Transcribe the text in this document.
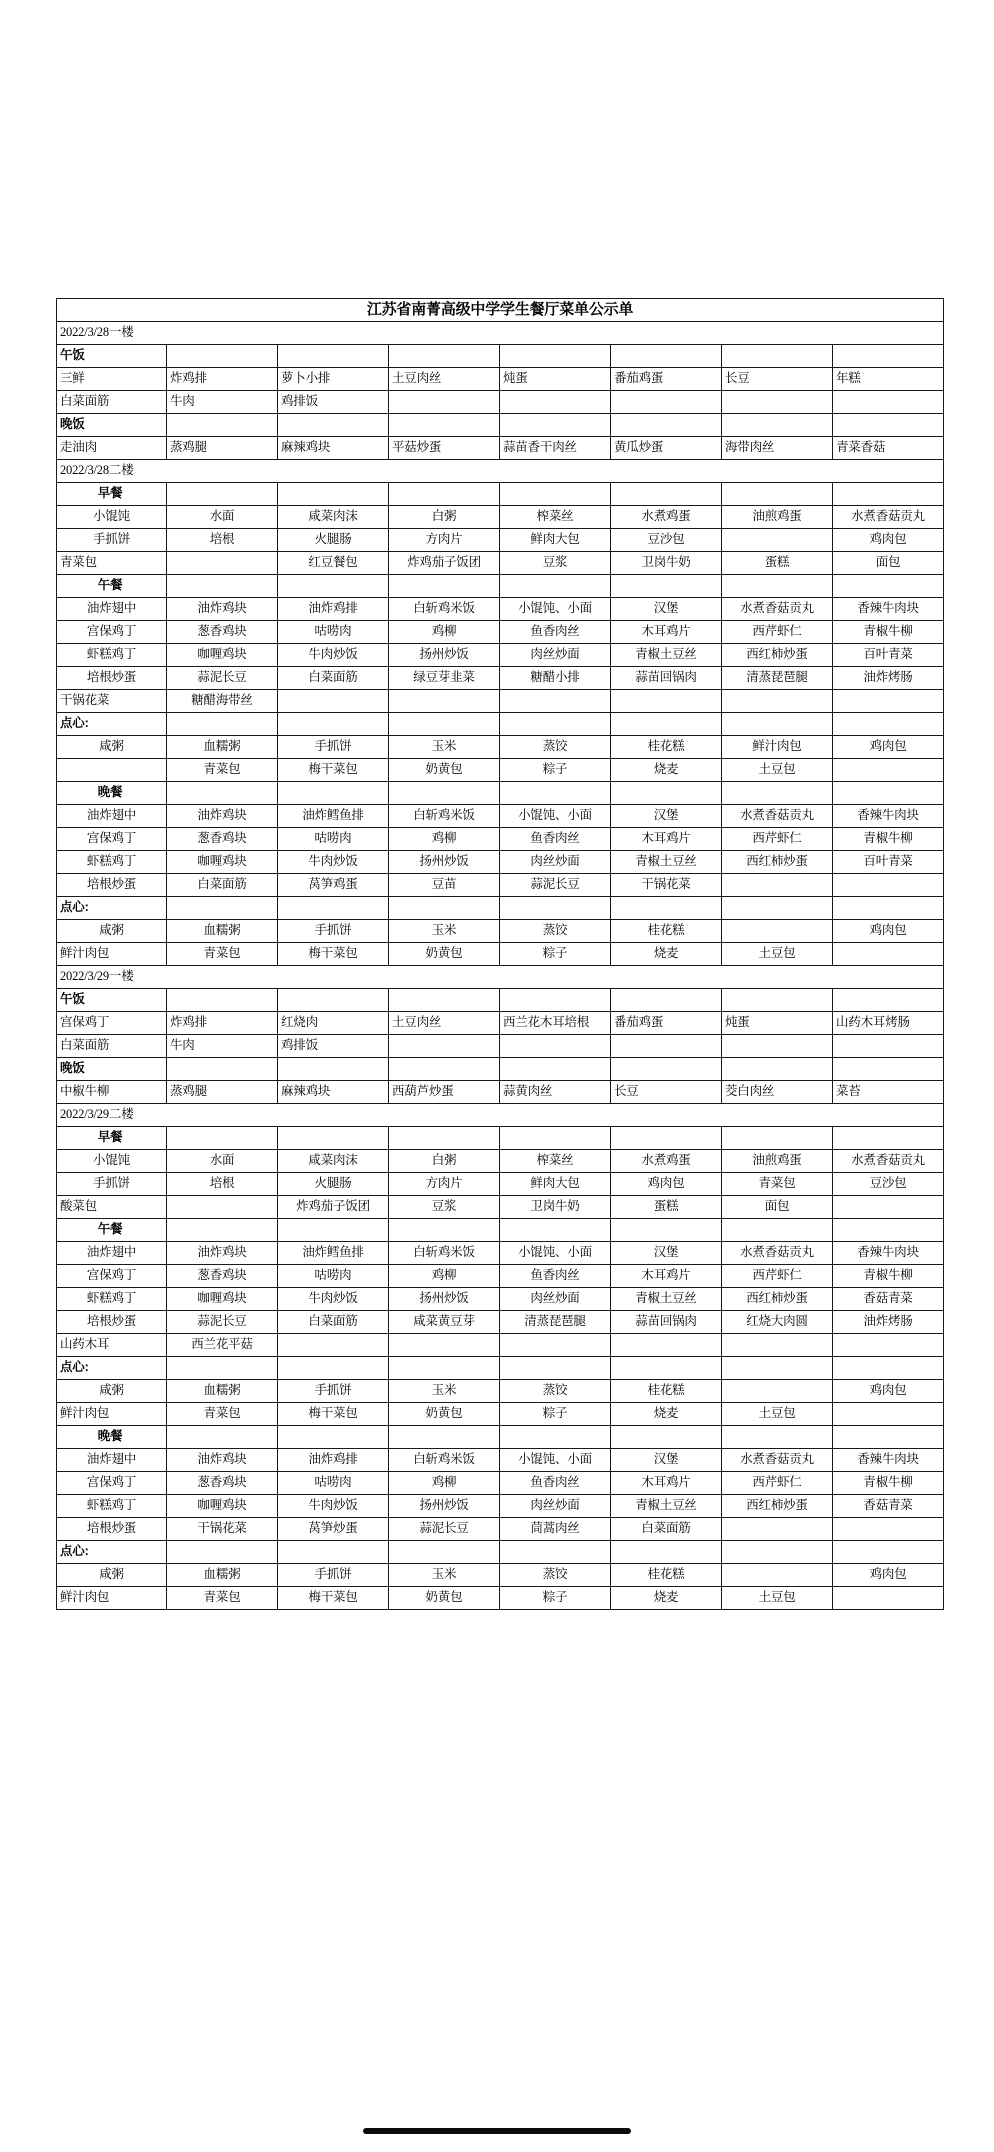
江苏省南菁高级中学学生餐厅菜单公示单							
2022/3/28一楼							
午饭							
三鲜	炸鸡排	萝卜小排	土豆肉丝	炖蛋	番茄鸡蛋	长豆	年糕
白菜面筋	牛肉	鸡排饭					
晚饭							
走油肉	蒸鸡腿	麻辣鸡块	平菇炒蛋	蒜苗香干肉丝	黄瓜炒蛋	海带肉丝	青菜香菇
2022/3/28二楼							
早餐							
小馄饨	水面	咸菜肉沫	白粥	榨菜丝	水煮鸡蛋	油煎鸡蛋	水煮香菇贡丸
手抓饼	培根	火腿肠	方肉片	鲜肉大包	豆沙包		鸡肉包
青菜包		红豆餐包	炸鸡茄子饭团	豆浆	卫岗牛奶	蛋糕	面包
午餐							
油炸翅中	油炸鸡块	油炸鸡排	白斩鸡米饭	小馄饨、小面	汉堡	水煮香菇贡丸	香辣牛肉块
宫保鸡丁	葱香鸡块	咕唠肉	鸡柳	鱼香肉丝	木耳鸡片	西芹虾仁	青椒牛柳
虾糕鸡丁	咖喱鸡块	牛肉炒饭	扬州炒饭	肉丝炒面	青椒土豆丝	西红柿炒蛋	百叶青菜
培根炒蛋	蒜泥长豆	白菜面筋	绿豆芽韭菜	糖醋小排	蒜苗回锅肉	清蒸琵琶腿	油炸烤肠
干锅花菜	糖醋海带丝						
点心:							
咸粥	血糯粥	手抓饼	玉米	蒸饺	桂花糕	鲜汁肉包	鸡肉包
	青菜包	梅干菜包	奶黄包	粽子	烧麦	土豆包	
晚餐							
油炸翅中	油炸鸡块	油炸鳕鱼排	白斩鸡米饭	小馄饨、小面	汉堡	水煮香菇贡丸	香辣牛肉块
宫保鸡丁	葱香鸡块	咕唠肉	鸡柳	鱼香肉丝	木耳鸡片	西芹虾仁	青椒牛柳
虾糕鸡丁	咖喱鸡块	牛肉炒饭	扬州炒饭	肉丝炒面	青椒土豆丝	西红柿炒蛋	百叶青菜
培根炒蛋	白菜面筋	莴笋鸡蛋	豆苗	蒜泥长豆	干锅花菜		
点心:							
咸粥	血糯粥	手抓饼	玉米	蒸饺	桂花糕		鸡肉包
鲜汁肉包	青菜包	梅干菜包	奶黄包	粽子	烧麦	土豆包	
2022/3/29一楼							
午饭							
宫保鸡丁	炸鸡排	红烧肉	土豆肉丝	西兰花木耳培根	番茄鸡蛋	炖蛋	山药木耳烤肠
白菜面筋	牛肉	鸡排饭					
晚饭							
中椒牛柳	蒸鸡腿	麻辣鸡块	西葫芦炒蛋	蒜黄肉丝	长豆	茭白肉丝	菜苔
2022/3/29二楼							
早餐							
小馄饨	水面	咸菜肉沫	白粥	榨菜丝	水煮鸡蛋	油煎鸡蛋	水煮香菇贡丸
手抓饼	培根	火腿肠	方肉片	鲜肉大包	鸡肉包	青菜包	豆沙包
酸菜包		炸鸡茄子饭团	豆浆	卫岗牛奶	蛋糕	面包	
午餐							
油炸翅中	油炸鸡块	油炸鳕鱼排	白斩鸡米饭	小馄饨、小面	汉堡	水煮香菇贡丸	香辣牛肉块
宫保鸡丁	葱香鸡块	咕唠肉	鸡柳	鱼香肉丝	木耳鸡片	西芹虾仁	青椒牛柳
虾糕鸡丁	咖喱鸡块	牛肉炒饭	扬州炒饭	肉丝炒面	青椒土豆丝	西红柿炒蛋	香菇青菜
培根炒蛋	蒜泥长豆	白菜面筋	咸菜黄豆芽	清蒸琵琶腿	蒜苗回锅肉	红烧大肉圆	油炸烤肠
山药木耳	西兰花平菇						
点心:							
咸粥	血糯粥	手抓饼	玉米	蒸饺	桂花糕		鸡肉包
鲜汁肉包	青菜包	梅干菜包	奶黄包	粽子	烧麦	土豆包	
晚餐							
油炸翅中	油炸鸡块	油炸鸡排	白斩鸡米饭	小馄饨、小面	汉堡	水煮香菇贡丸	香辣牛肉块
宫保鸡丁	葱香鸡块	咕唠肉	鸡柳	鱼香肉丝	木耳鸡片	西芹虾仁	青椒牛柳
虾糕鸡丁	咖喱鸡块	牛肉炒饭	扬州炒饭	肉丝炒面	青椒土豆丝	西红柿炒蛋	香菇青菜
培根炒蛋	干锅花菜	莴笋炒蛋	蒜泥长豆	茼蒿肉丝	白菜面筋		
点心:							
咸粥	血糯粥	手抓饼	玉米	蒸饺	桂花糕		鸡肉包
鲜汁肉包	青菜包	梅干菜包	奶黄包	粽子	烧麦	土豆包	
